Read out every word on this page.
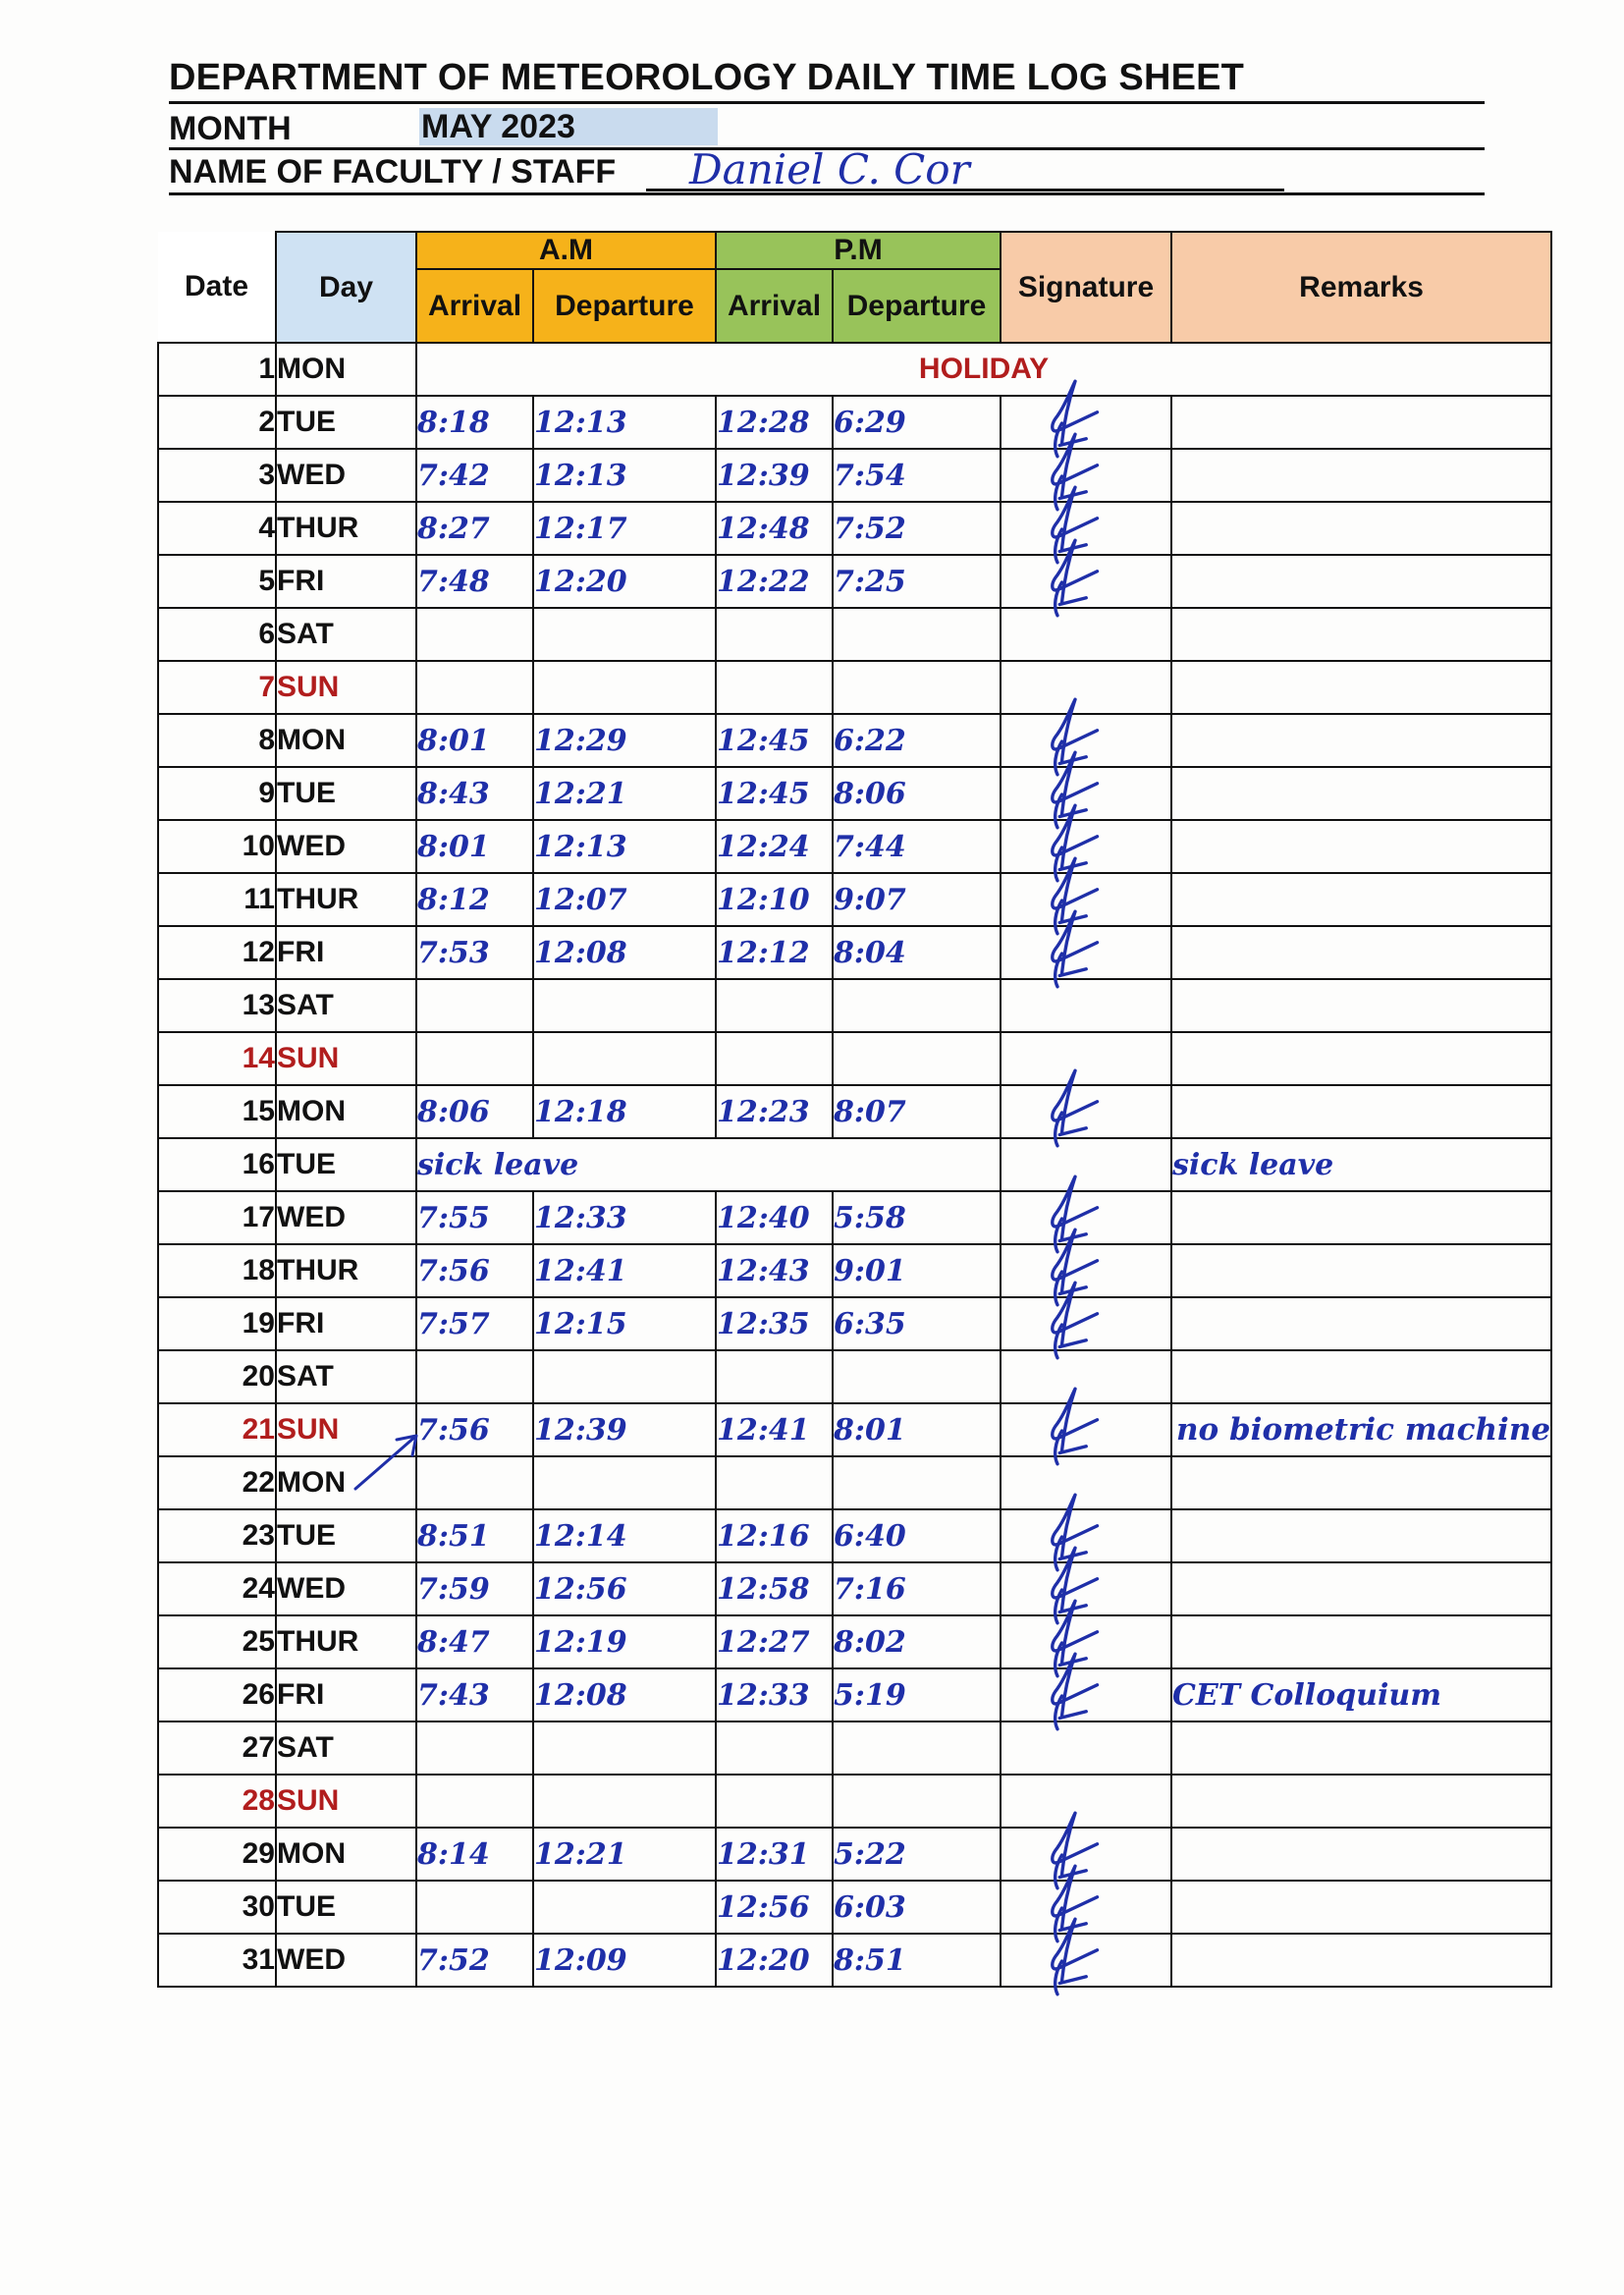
DEPARTMENT OF METEOROLOGY DAILY TIME LOG SHEET
MONTH	MAY 2023
NAME OF FACULTY / STAFF Daniel C. Cor
Date	Day	A.M		P.M		Signature	Remarks
		Arrival	Departure	Arrival	Departure		
1	MON	HOLIDAY					
2	TUE	8:18	12:13	12:28	6:29	

3	WED	7:42	12:13	12:39	7:54	

4	THUR	8:27	12:17	12:48	7:52	

5	FRI	7:48	12:20	12:22	7:25	

6	SAT						
7	SUN						
8	MON	8:01	12:29	12:45	6:22	

9	TUE	8:43	12:21	12:45	8:06	

10	WED	8:01	12:13	12:24	7:44	

11	THUR	8:12	12:07	12:10	9:07	

12	FRI	7:53	12:08	12:12	8:04	

13	SAT						
14	SUN						
15	MON	8:06	12:18	12:23	8:07	

16	TUE	sick leave					sick leave
17	WED	7:55	12:33	12:40	5:58	

18	THUR	7:56	12:41	12:43	9:01	

19	FRI	7:57	12:15	12:35	6:35	

20	SAT						
21	SUN	7:56	12:39	12:41	8:01		no biometric machine
22	MON						
23	TUE	8:51	12:14	12:16	6:40	

24	WED	7:59	12:56	12:58	7:16	

25	THUR	8:47	12:19	12:27	8:02	

26	FRI	7:43	12:08	12:33	5:19		CET Colloquium
27	SAT						
28	SUN						
29	MON	8:14	12:21	12:31	5:22	

30	TUE			12:56	6:03	

31	WED	7:52	12:09	12:20	8:51	
